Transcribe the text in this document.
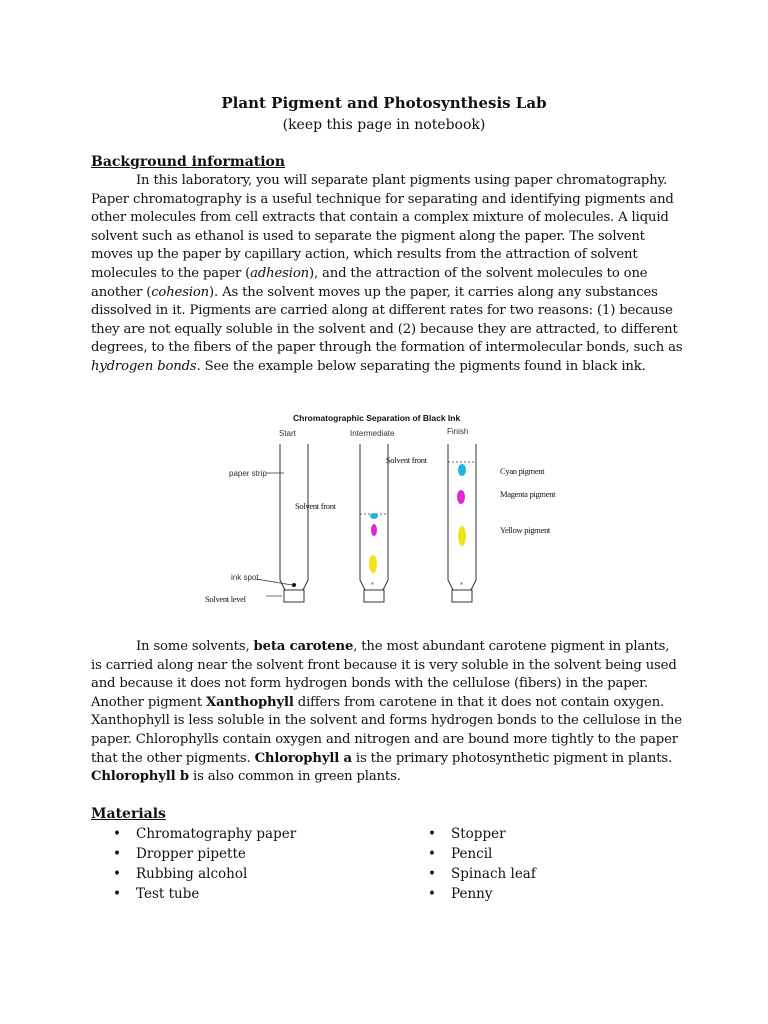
Plant Pigment and Photosynthesis Lab
(keep this page in notebook)
Background information

In this laboratory, you will separate plant pigments using paper chromatography. Paper chromatography is a useful technique for separating and identifying pigments and other molecules from cell extracts that contain a complex mixture of molecules. A liquid solvent such as ethanol is used to separate the pigment along the paper. The solvent moves up the paper by capillary action, which results from the attraction of solvent molecules to the paper (adhesion), and the attraction of the solvent molecules to one another (cohesion). As the solvent moves up the paper, it carries along any substances dissolved in it. Pigments are carried along at different rates for two reasons: (1) because they are not equally soluble in the solvent and (2) because they are attracted, to different degrees, to the fibers of the paper through the formation of intermolecular bonds, such as hydrogen bonds. See the example below separating the pigments found in black ink.

Chromatographic Separation of Black Ink
Start	Intermediate	Finish
*	*
paper strip
Solvent front
Solvent front
ink spot
Solvent level
Cyan pigment
Magenta pigment
Yellow pigment

In some solvents, beta carotene, the most abundant carotene pigment in plants, is carried along near the solvent front because it is very soluble in the solvent being used and because it does not form hydrogen bonds with the cellulose (fibers) in the paper. Another pigment Xanthophyll differs from carotene in that it does not contain oxygen. Xanthophyll is less soluble in the solvent and forms hydrogen bonds to the cellulose in the paper. Chlorophylls contain oxygen and nitrogen and are bound more tightly to the paper that the other pigments. Chlorophyll a is the primary photosynthetic pigment in plants. Chlorophyll b is also common in green plants.

Materials
• Chromatography paper
• Dropper pipette
• Rubbing alcohol
• Test tube
• Stopper
• Pencil
• Spinach leaf
• Penny
